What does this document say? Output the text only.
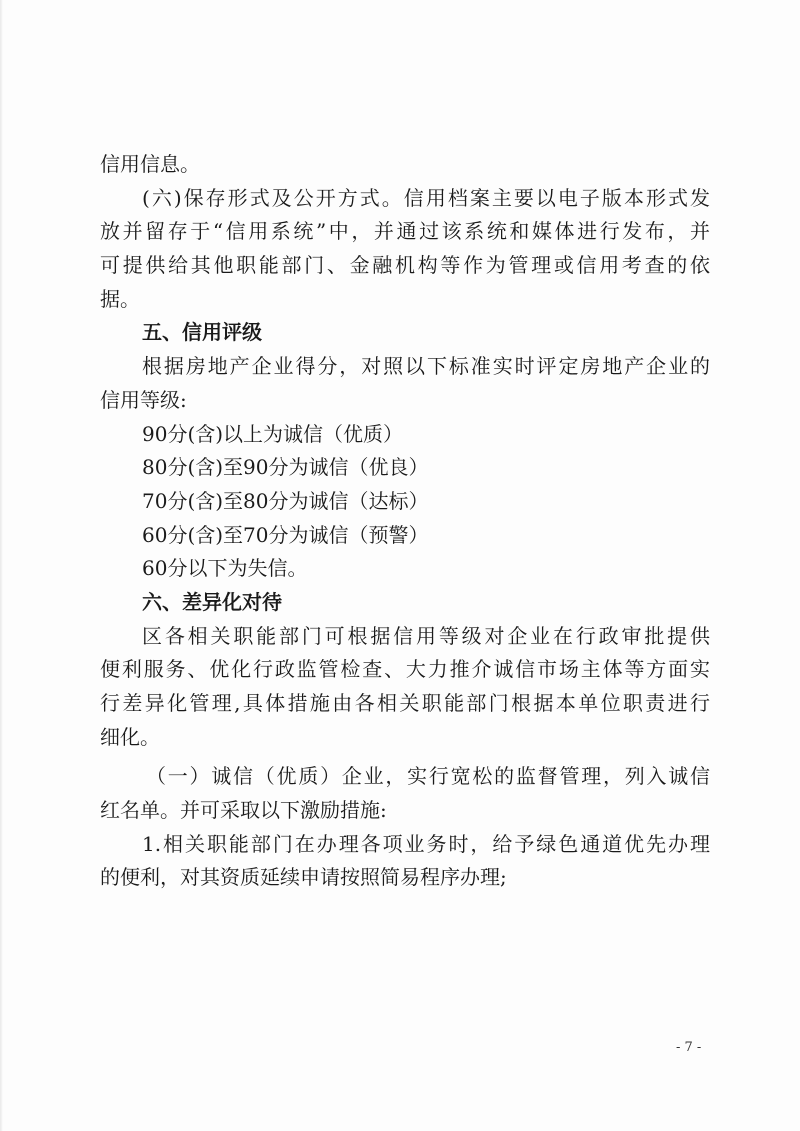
信用信息。
(六)保存形式及公开方式。信用档案主要以电子版本形式发
放并留存于“信用系统”中，并通过该系统和媒体进行发布，并
可提供给其他职能部门、金融机构等作为管理或信用考查的依
据。
五、信用评级
根据房地产企业得分，对照以下标准实时评定房地产企业的
信用等级:
90分(含)以上为诚信（优质）
80分(含)至90分为诚信（优良）
70分(含)至80分为诚信（达标）
60分(含)至70分为诚信（预警）
60分以下为失信。
六、差异化对待
区各相关职能部门可根据信用等级对企业在行政审批提供
便利服务、优化行政监管检查、大力推介诚信市场主体等方面实
行差异化管理,具体措施由各相关职能部门根据本单位职责进行
细化。
（一）诚信（优质）企业，实行宽松的监督管理，列入诚信
红名单。并可采取以下激励措施:
1.相关职能部门在办理各项业务时，给予绿色通道优先办理
的便利，对其资质延续申请按照简易程序办理;
- 7 -
